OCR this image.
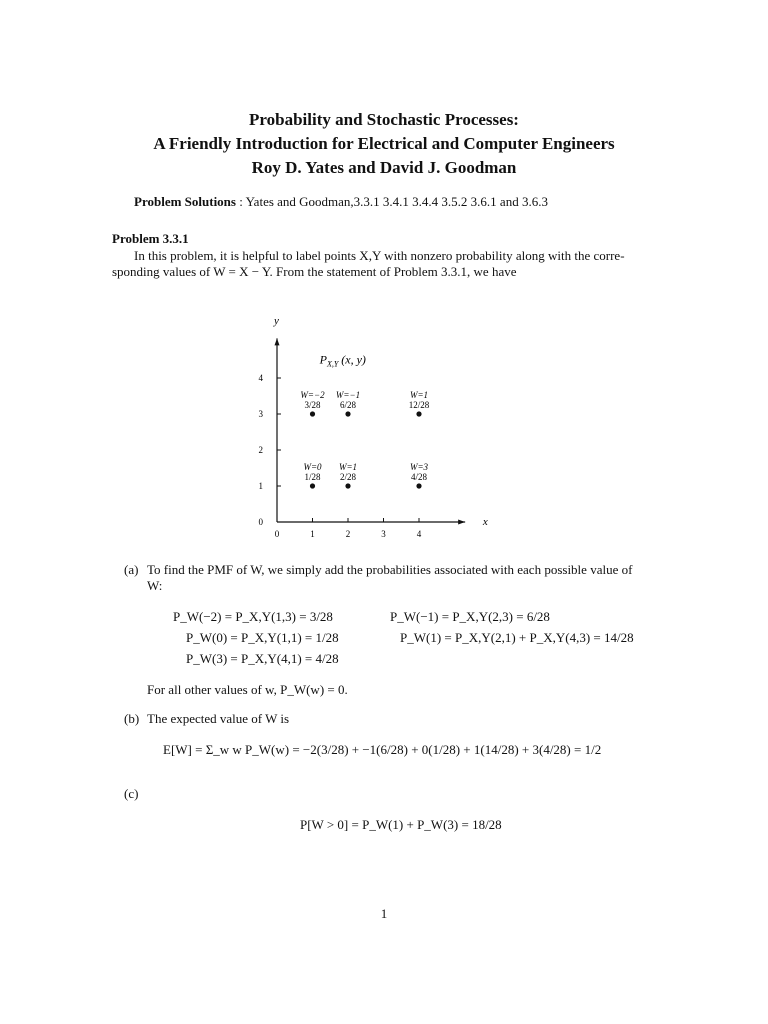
Probability and Stochastic Processes:
A Friendly Introduction for Electrical and Computer Engineers
Roy D. Yates and David J. Goodman
Problem Solutions : Yates and Goodman,3.3.1 3.4.1 3.4.4 3.5.2 3.6.1 and 3.6.3
Problem 3.3.1
In this problem, it is helpful to label points X,Y with nonzero probability along with the corre-
sponding values of W = X − Y. From the statement of Problem 3.3.1, we have
x
y
0	1	2	3	4
0
1
2
3
4
$P_{X,Y}$ (x, y)
W=−2
3/28
W=−1
6/28
W=1
12/28
W=0
1/28
W=1
2/28
W=3
4/28
(a) To find the PMF of W, we simply add the probabilities associated with each possible value of
W:
P_W(−2) = P_X,Y(1,3) = 3/28	P_W(−1) = P_X,Y(2,3) = 6/28
P_W(0) = P_X,Y(1,1) = 1/28	P_W(1) = P_X,Y(2,1) + P_X,Y(4,3) = 14/28
P_W(3) = P_X,Y(4,1) = 4/28
For all other values of w, P_W(w) = 0.
(b) The expected value of W is
E[W] = Σ_w w P_W(w) = −2(3/28) + −1(6/28) + 0(1/28) + 1(14/28) + 3(4/28) = 1/2
(c)
P[W > 0] = P_W(1) + P_W(3) = 18/28
1
